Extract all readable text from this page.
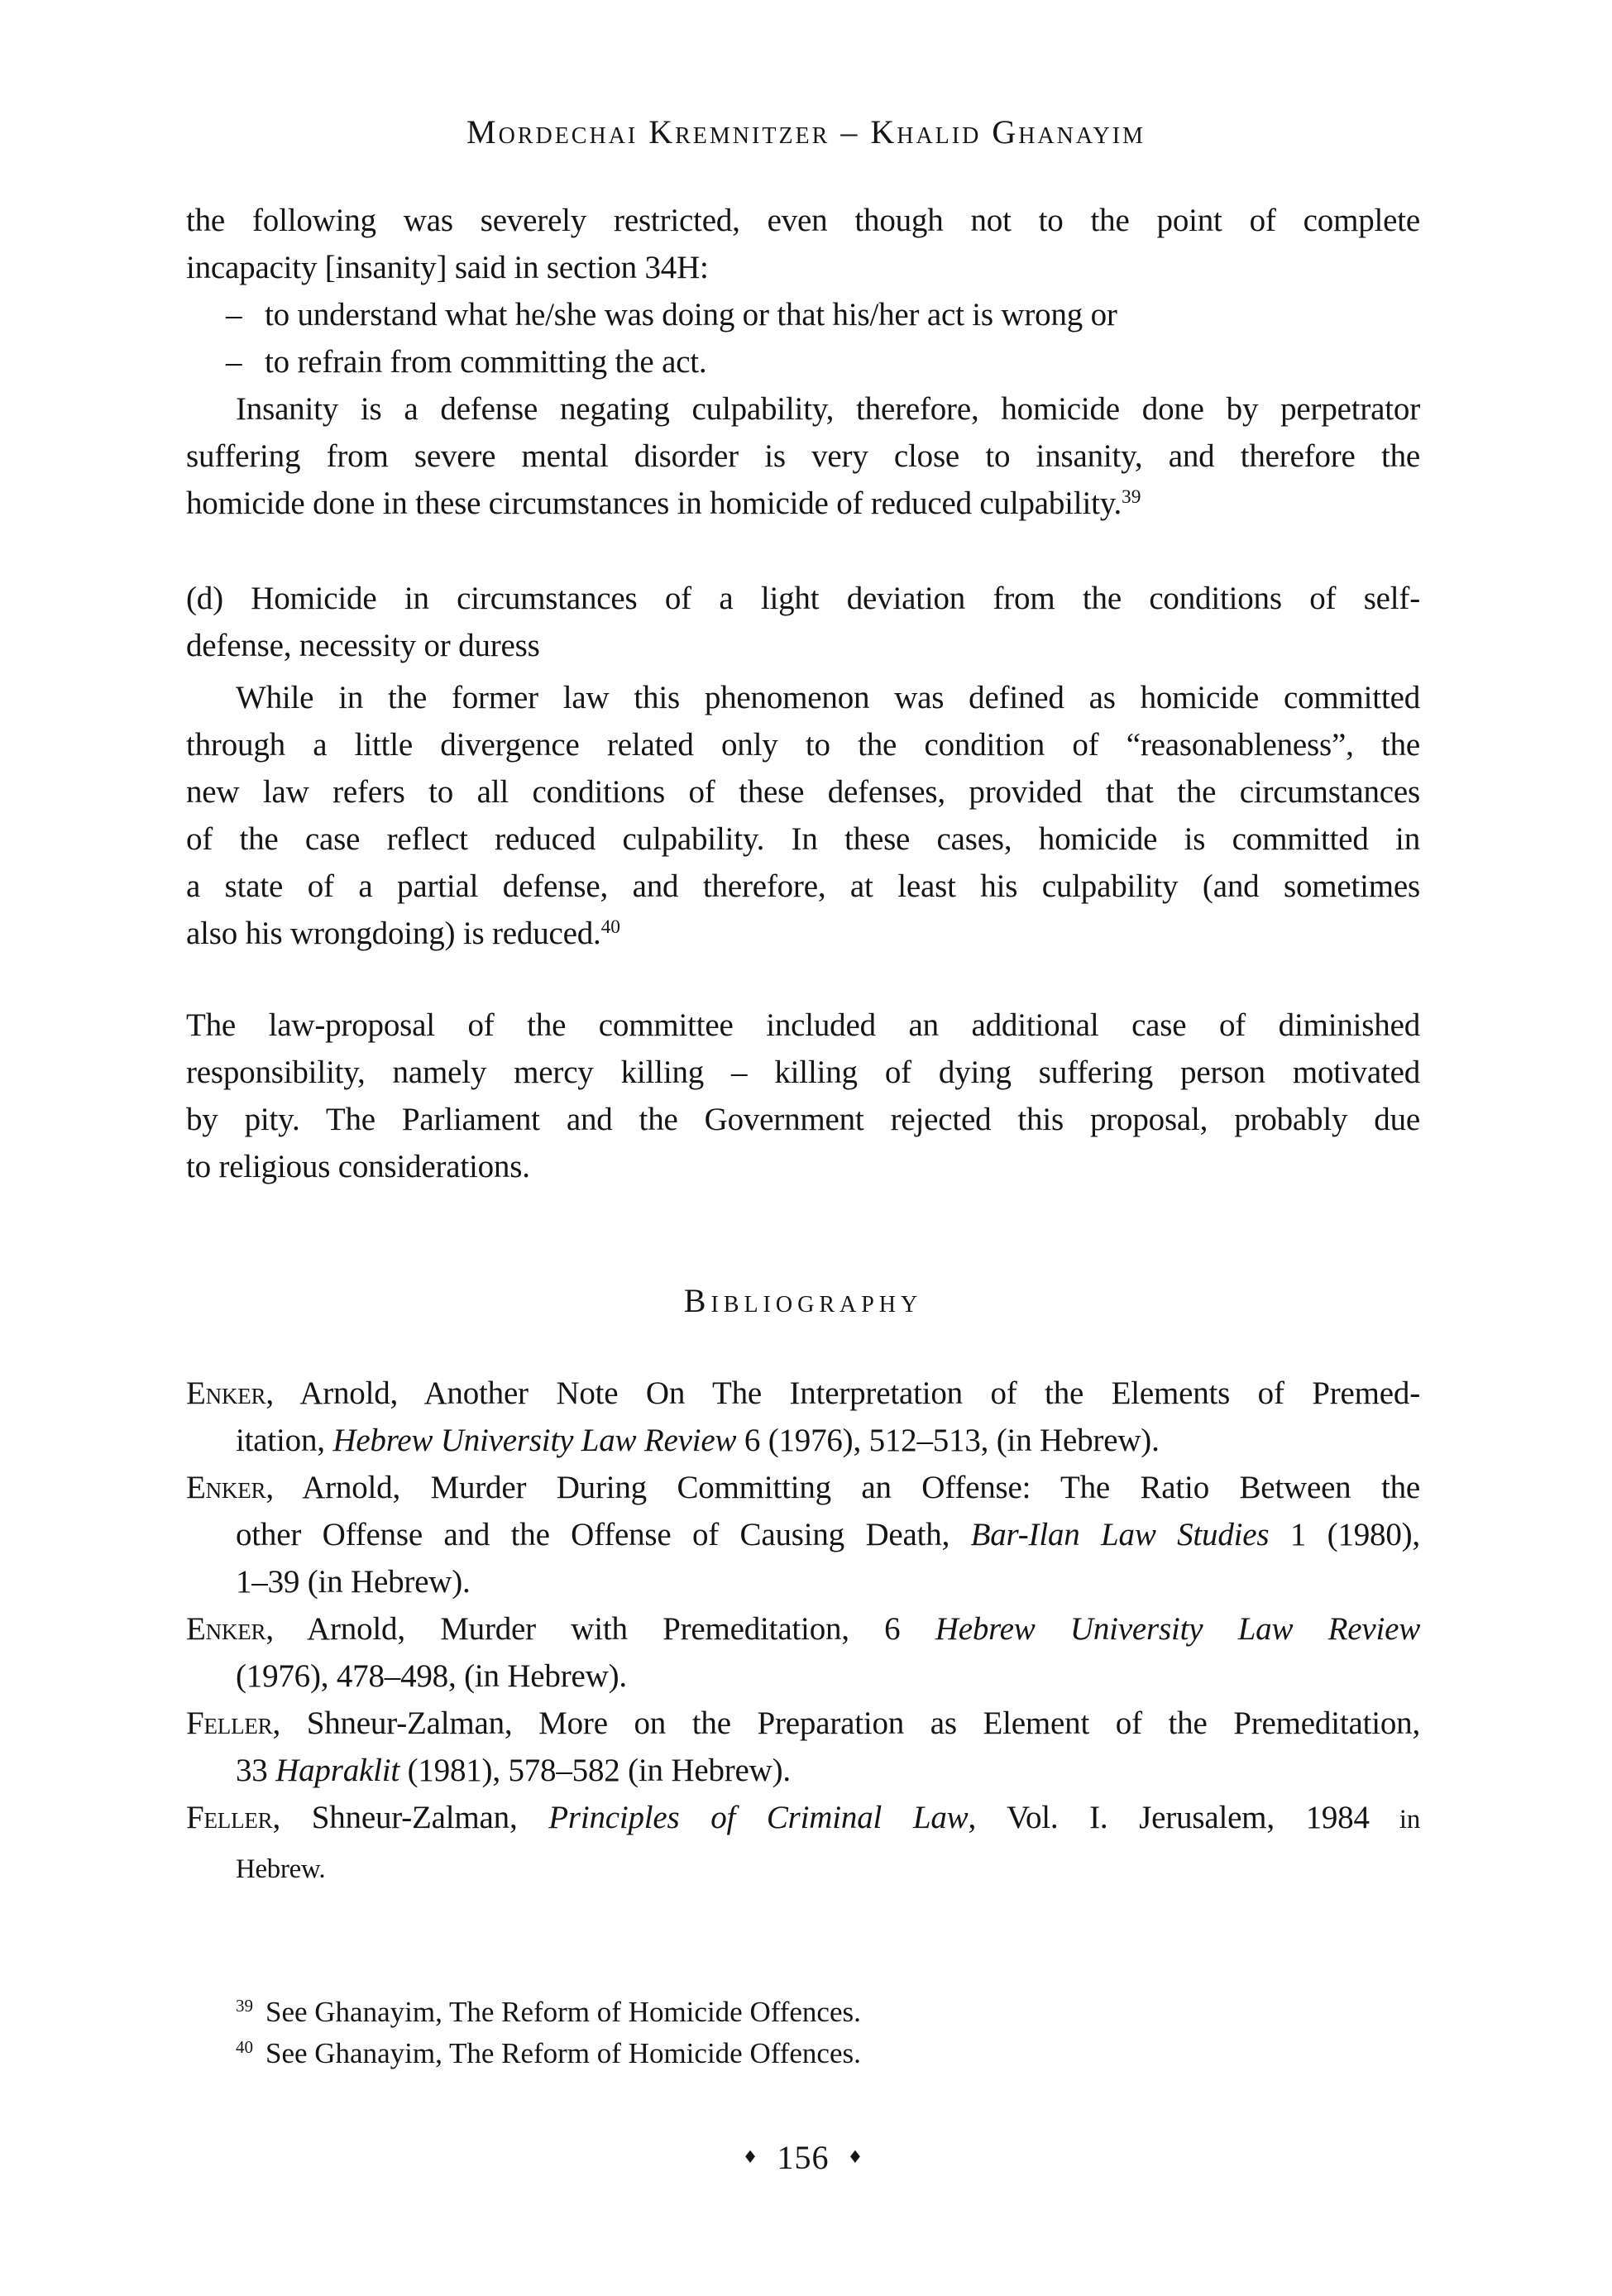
Mordechai Kremnitzer – Khalid Ghanayim
the following was severely restricted, even though not to the point of complete
incapacity [insanity] said in section 34H:
– to understand what he/she was doing or that his/her act is wrong or
– to refrain from committing the act.
Insanity is a defense negating culpability, therefore, homicide done by perpetrator
suffering from severe mental disorder is very close to insanity, and therefore the
homicide done in these circumstances in homicide of reduced culpability.$^{39}$
(d) Homicide in circumstances of a light deviation from the conditions of self-
defense, necessity or duress
While in the former law this phenomenon was defined as homicide committed
through a little divergence related only to the condition of “reasonableness”, the
new law refers to all conditions of these defenses, provided that the circumstances
of the case reflect reduced culpability. In these cases, homicide is committed in
a state of a partial defense, and therefore, at least his culpability (and sometimes
also his wrongdoing) is reduced.$^{40}$
The law-proposal of the committee included an additional case of diminished
responsibility, namely mercy killing – killing of dying suffering person motivated
by pity. The Parliament and the Government rejected this proposal, probably due
to religious considerations.
Bibliography
Enker, Arnold, Another Note On The Interpretation of the Elements of Premed-
itation, Hebrew University Law Review 6 (1976), 512–513, (in Hebrew).
Enker, Arnold, Murder During Committing an Offense: The Ratio Between the
other Offense and the Offense of Causing Death, Bar-Ilan Law Studies 1 (1980),
1–39 (in Hebrew).
Enker, Arnold, Murder with Premeditation, 6 Hebrew University Law Review
(1976), 478–498, (in Hebrew).
Feller, Shneur-Zalman, More on the Preparation as Element of the Premeditation,
33 Hapraklit (1981), 578–582 (in Hebrew).
Feller, Shneur-Zalman, Principles of Criminal Law, Vol. I. Jerusalem, 1984 in
Hebrew.
$^{39}$ See Ghanayim, The Reform of Homicide Offences.
$^{40}$ See Ghanayim, The Reform of Homicide Offences.
♦ 156 ♦
